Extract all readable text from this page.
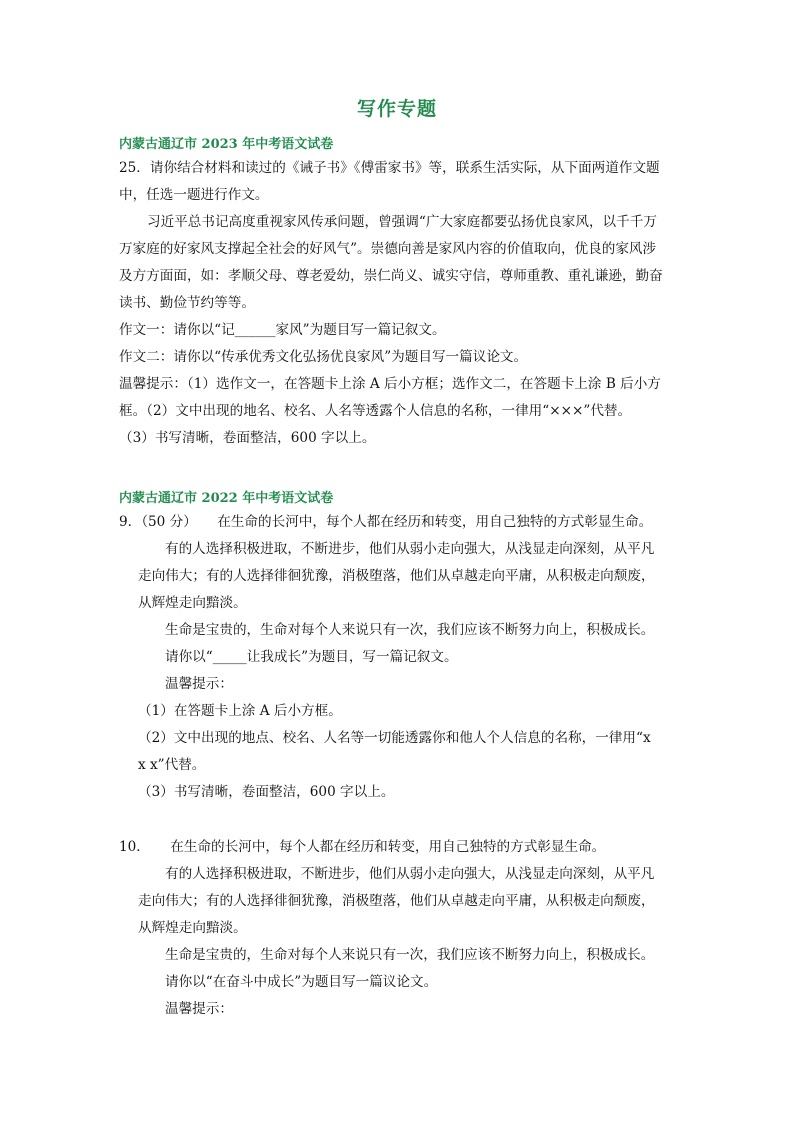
写作专题
内蒙古通辽市 2023 年中考语文试卷
25．请你结合材料和读过的《诫子书》《傅雷家书》等，联系生活实际，从下面两道作文题
中，任选一题进行作文。
习近平总书记高度重视家风传承问题，曾强调“广大家庭都要弘扬优良家风，以千千万
万家庭的好家风支撑起全社会的好风气”。崇德向善是家风内容的价值取向，优良的家风涉
及方方面面，如：孝顺父母、尊老爱幼，崇仁尚义、诚实守信，尊师重教、重礼谦逊，勤奋
读书、勤俭节约等等。
作文一：请你以“记______家风”为题目写一篇记叙文。
作文二：请你以“传承优秀文化弘扬优良家风”为题目写一篇议论文。
温馨提示：（1）选作文一，在答题卡上涂 A 后小方框；选作文二，在答题卡上涂 B 后小方
框。（2）文中出现的地名、校名、人名等透露个人信息的名称，一律用“×××”代替。
（3）书写清晰，卷面整洁，600 字以上。
内蒙古通辽市 2022 年中考语文试卷
9．（50 分）　　在生命的长河中，每个人都在经历和转变，用自己独特的方式彰显生命。
有的人选择积极进取，不断进步，他们从弱小走向强大，从浅显走向深刻，从平凡
走向伟大；有的人选择徘徊犹豫，消极堕落，他们从卓越走向平庸，从积极走向颓废，
从辉煌走向黯淡。
生命是宝贵的，生命对每个人来说只有一次，我们应该不断努力向上，积极成长。
请你以“_____让我成长”为题目，写一篇记叙文。
温馨提示：
（1）在答题卡上涂 A 后小方框。
（2）文中出现的地点、校名、人名等一切能透露你和他人个人信息的名称，一律用“x
x x”代替。
（3）书写清晰，卷面整洁，600 字以上。
10．　　在生命的长河中，每个人都在经历和转变，用自己独特的方式彰显生命。
有的人选择积极进取，不断进步，他们从弱小走向强大，从浅显走向深刻，从平凡
走向伟大；有的人选择徘徊犹豫，消极堕落，他们从卓越走向平庸，从积极走向颓废，
从辉煌走向黯淡。
生命是宝贵的，生命对每个人来说只有一次，我们应该不断努力向上，积极成长。
请你以“在奋斗中成长”为题目写一篇议论文。
温馨提示：
